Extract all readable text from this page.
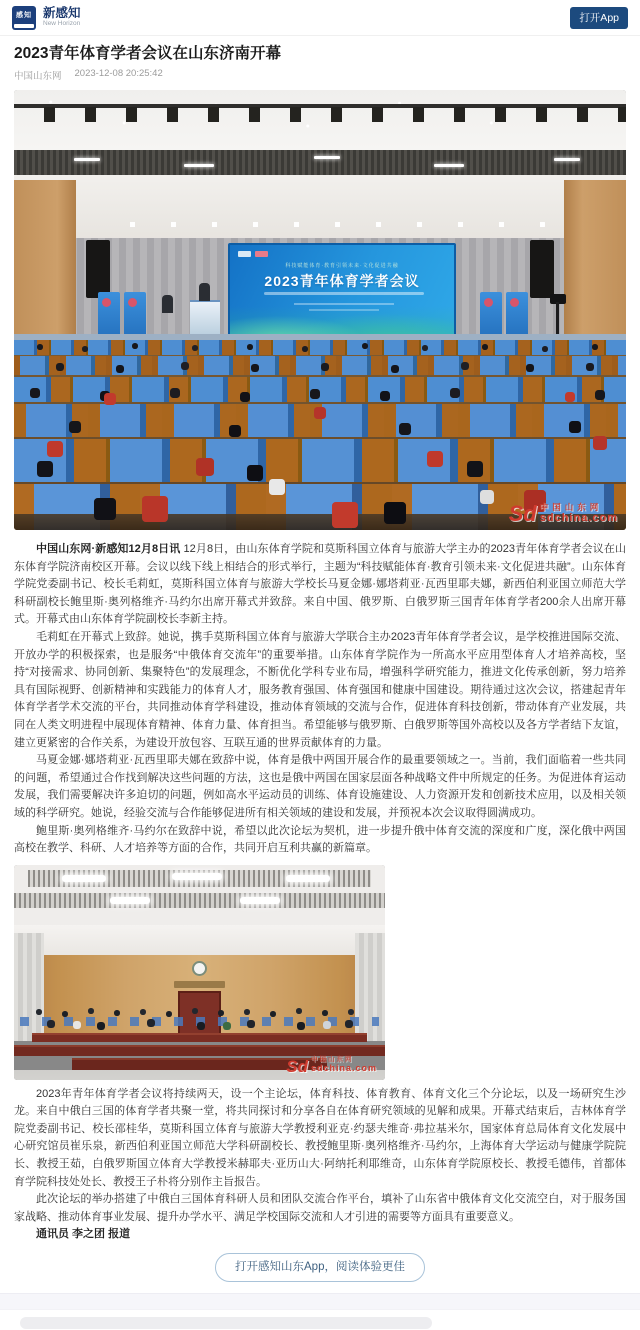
感知 新感知
New Horizon	打开App
2023青年体育学者会议在山东济南开幕
中国山东网 2023-12-08 20:25:42
科技赋能体育·教育引领未来·文化促进共融
2023青年体育学者会议
Sd 中国山东网
sdchina.com

中国山东网·新感知12月8日讯 12月8日，由山东体育学院和莫斯科国立体育与旅游大学主办的2023青年体育学者会议在山东体育学院济南校区开幕。会议以线下线上相结合的形式举行，主题为“科技赋能体育·教育引领未来·文化促进共融”。山东体育学院党委副书记、校长毛莉虹，莫斯科国立体育与旅游大学校长马夏金娜·娜塔莉亚·瓦西里耶夫娜，新西伯利亚国立师范大学科研副校长鲍里斯·奥列格维齐·马约尔出席开幕式并致辞。来自中国、俄罗斯、白俄罗斯三国青年体育学者200余人出席开幕式。开幕式由山东体育学院副校长李新主持。

毛莉虹在开幕式上致辞。她说，携手莫斯科国立体育与旅游大学联合主办2023青年体育学者会议，是学校推进国际交流、开放办学的积极探索，也是服务“中俄体育交流年”的重要举措。山东体育学院作为一所高水平应用型体育人才培养高校，坚持“对接需求、协同创新、集聚特色”的发展理念，不断优化学科专业布局，增强科学研究能力，推进文化传承创新，努力培养具有国际视野、创新精神和实践能力的体育人才，服务教育强国、体育强国和健康中国建设。期待通过这次会议，搭建起青年体育学者学术交流的平台，共同推动体育学科建设，推动体育领域的交流与合作，促进体育科技创新，带动体育产业发展，共同在人类文明进程中展现体育精神、体育力量、体育担当。希望能够与俄罗斯、白俄罗斯等国外高校以及各方学者结下友谊，建立更紧密的合作关系，为建设开放包容、互联互通的世界贡献体育的力量。

马夏金娜·娜塔莉亚·瓦西里耶夫娜在致辞中说，体育是俄中两国开展合作的最重要领域之一。当前，我们面临着一些共同的问题，希望通过合作找到解决这些问题的方法，这也是俄中两国在国家层面各种战略文件中所规定的任务。为促进体育运动发展，我们需要解决许多迫切的问题，例如高水平运动员的训练、体育设施建设、人力资源开发和创新技术应用，以及相关领域的科学研究。她说，经验交流与合作能够促进所有相关领域的建设和发展，并预祝本次会议取得圆满成功。

鲍里斯·奥列格维齐·马约尔在致辞中说，希望以此次论坛为契机，进一步提升俄中体育交流的深度和广度，深化俄中两国高校在教学、科研、人才培养等方面的合作，共同开启互利共赢的新篇章。

Sd 中国山东网
sdchina.com

2023年青年体育学者会议将持续两天，设一个主论坛，体育科技、体育教育、体育文化三个分论坛，以及一场研究生沙龙。来自中俄白三国的体育学者共聚一堂，将共同探讨和分享各自在体育研究领域的见解和成果。开幕式结束后，吉林体育学院党委副书记、校长邵桂华，莫斯科国立体育与旅游大学教授利亚克·约瑟夫维奇·弗拉基米尔，国家体育总局体育文化发展中心研究馆员崔乐泉，新西伯利亚国立师范大学科研副校长、教授鲍里斯·奥列格维齐·马约尔，上海体育大学运动与健康学院院长、教授王茹，白俄罗斯国立体育大学教授米赫耶夫·亚历山大·阿纳托利耶维奇，山东体育学院原校长、教授毛德伟，首都体育学院科技处处长、教授王子朴将分别作主旨报告。

此次论坛的举办搭建了中俄白三国体育科研人员和团队交流合作平台，填补了山东省中俄体育文化交流空白，对于服务国家战略、推动体育事业发展、提升办学水平、满足学校国际交流和人才引进的需要等方面具有重要意义。

通讯员 李之团 报道

打开感知山东App，阅读体验更佳
